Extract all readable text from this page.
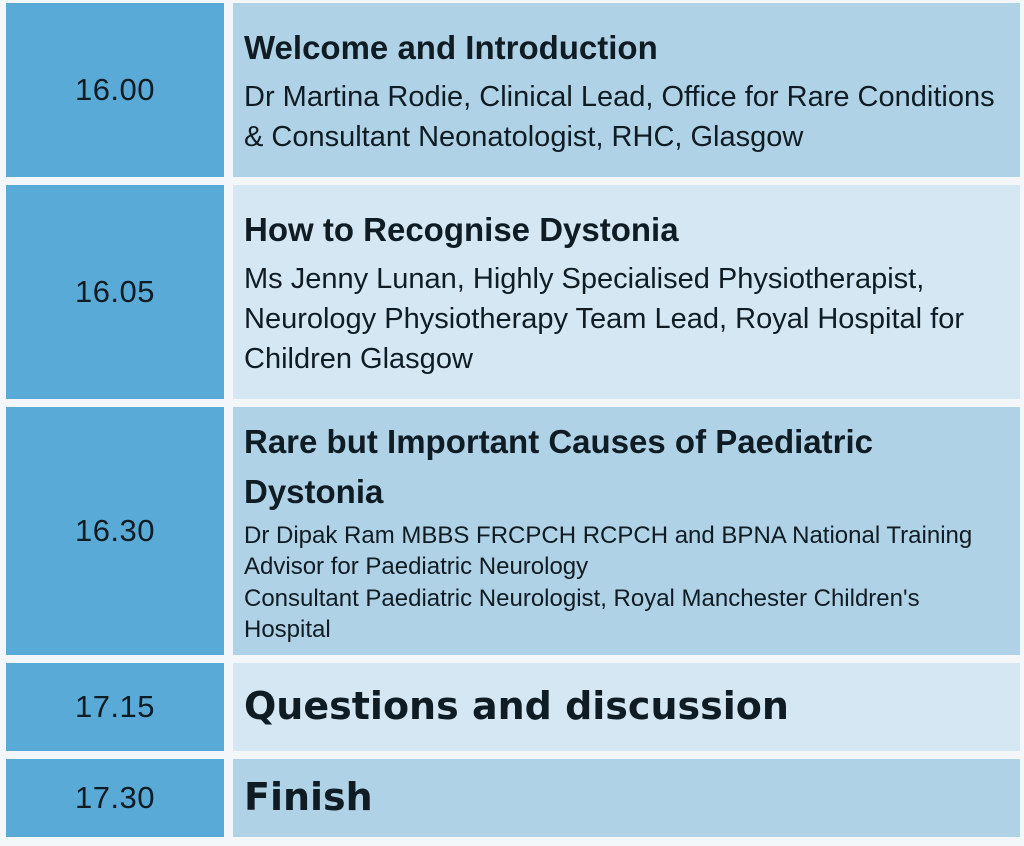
16.00
Welcome and Introduction
Dr Martina Rodie, Clinical Lead, Office for Rare Conditions & Consultant Neonatologist, RHC, Glasgow
16.05
How to Recognise Dystonia
Ms Jenny Lunan, Highly Specialised Physiotherapist, Neurology Physiotherapy Team Lead, Royal Hospital for Children Glasgow
16.30
Rare but Important Causes of Paediatric Dystonia
Dr Dipak Ram MBBS FRCPCH RCPCH and BPNA National Training Advisor for Paediatric Neurology
Consultant Paediatric Neurologist, Royal Manchester Children's Hospital
17.15 Questions and discussion
17.30 Finish
